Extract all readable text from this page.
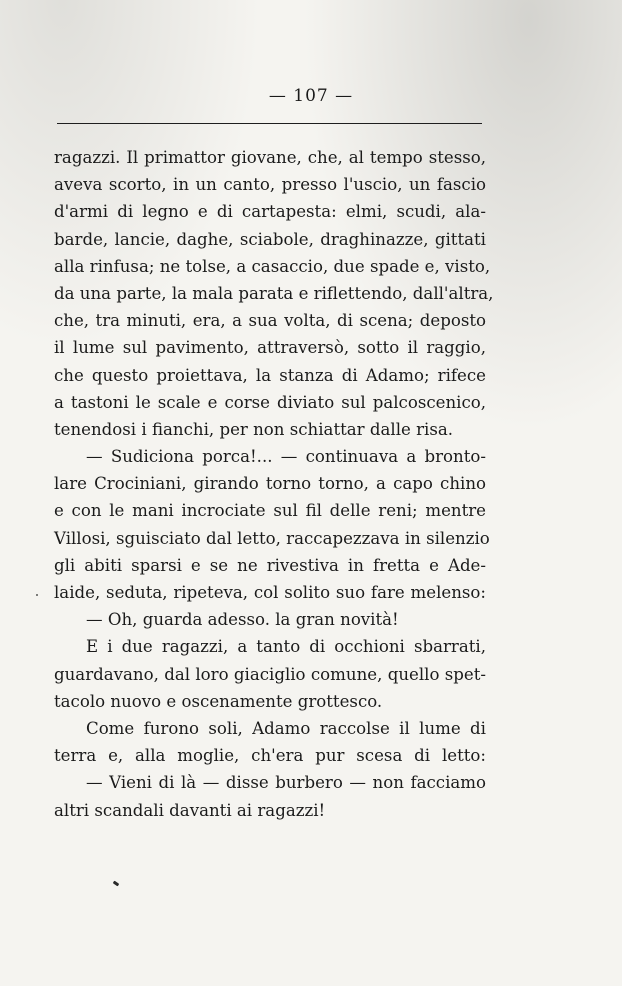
— 107 —
ragazzi. Il primattor giovane, che, al tempo stesso,
aveva scorto, in un canto, presso l'uscio, un fascio
d'armi di legno e di cartapesta: elmi, scudi, ala-
barde, lancie, daghe, sciabole, draghinazze, gittati
alla rinfusa; ne tolse, a casaccio, due spade e, visto,
da una parte, la mala parata e riflettendo, dall'altra,
che, tra minuti, era, a sua volta, di scena; deposto
il lume sul pavimento, attraversò, sotto il raggio,
che questo proiettava, la stanza di Adamo; rifece
a tastoni le scale e corse diviato sul palcoscenico,
tenendosi i fianchi, per non schiattar dalle risa.
— Sudiciona porca!... — continuava a bronto-
lare Crociniani, girando torno torno, a capo chino
e con le mani incrociate sul fil delle reni; mentre
Villosi, sguisciato dal letto, raccapezzava in silenzio
gli abiti sparsi e se ne rivestiva in fretta e Ade-
laide, seduta, ripeteva, col solito suo fare melenso:
— Oh, guarda adesso. la gran novità!
E i due ragazzi, a tanto di occhioni sbarrati,
guardavano, dal loro giaciglio comune, quello spet-
tacolo nuovo e oscenamente grottesco.
Come furono soli, Adamo raccolse il lume di
terra e, alla moglie, ch'era pur scesa di letto:
— Vieni di là — disse burbero — non facciamo
altri scandali davanti ai ragazzi!
